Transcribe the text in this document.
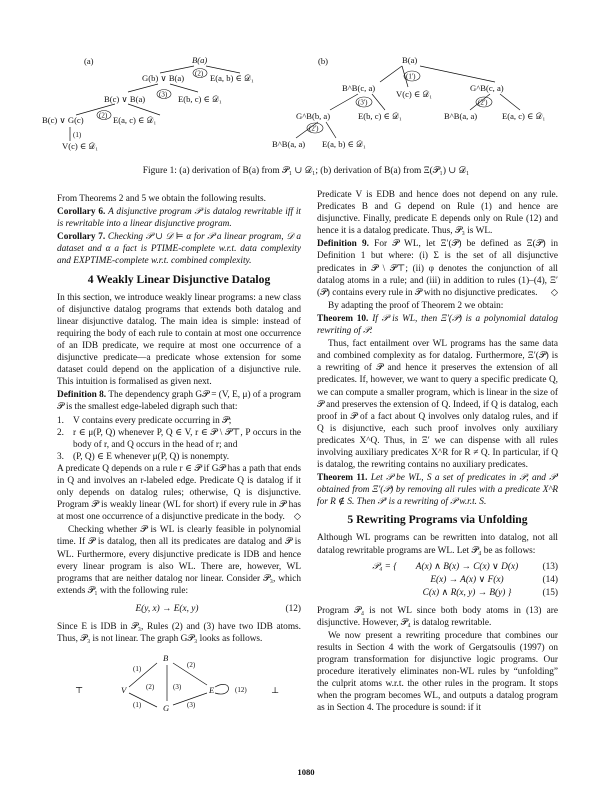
(a)	(b)
B(a)
G(b) ∨ B(a)	E(a, b) ∈ 𝒟₁
(2)
B(c) ∨ B(a)	E(b, c) ∈ 𝒟₁
(3)
B(c) ∨ G(c)	E(a, c) ∈ 𝒟₁
(2)
(1)
V(c) ∈ 𝒟₁
B(a)
(1')
B^B(c, a)
V(c) ∈ 𝒟₁
G^B(c, a)
(3')	(2')
G^B(b, a)	E(b, c) ∈ 𝒟₁	B^B(a, a)	E(a, c) ∈ 𝒟₁
(2')
B^B(a, a) E(a, b) ∈ 𝒟₁
Figure 1: (a) derivation of B(a) from 𝒫₁ ∪ 𝒟₁; (b) derivation of B(a) from Ξ(𝒫₁) ∪ 𝒟₁

From Theorems 2 and 5 we obtain the following results.

Corollary 6. A disjunctive program 𝒫 is datalog rewritable iff it is rewritable into a linear disjunctive program.

Corollary 7. Checking 𝒫 ∪ 𝒟 ⊨ α for 𝒫 a linear program, 𝒟 a dataset and α a fact is PTIME-complete w.r.t. data complexity and EXPTIME-complete w.r.t. combined complexity.

4 Weakly Linear Disjunctive Datalog

In this section, we introduce weakly linear programs: a new class of disjunctive datalog programs that extends both datalog and linear disjunctive datalog. The main idea is simple: instead of requiring the body of each rule to contain at most one occurrence of an IDB predicate, we require at most one occurrence of a disjunctive predicate—a predicate whose extension for some dataset could depend on the application of a disjunctive rule. This intuition is formalised as given next.

Definition 8. The dependency graph G𝒫 = (V, E, μ) of a program 𝒫 is the smallest edge-labeled digraph such that:

1. V contains every predicate occurring in 𝒫;
2. r ∈ μ(P, Q) whenever P, Q ∈ V, r ∈ 𝒫 \ 𝒫⊤, P occurs in the body of r, and Q occurs in the head of r; and
3. (P, Q) ∈ E whenever μ(P, Q) is nonempty.

A predicate Q depends on a rule r ∈ 𝒫 if G𝒫 has a path that ends in Q and involves an r-labeled edge. Predicate Q is datalog if it only depends on datalog rules; otherwise, Q is disjunctive. Program 𝒫 is weakly linear (WL for short) if every rule in 𝒫 has at most one occurrence of a disjunctive predicate in the body. ◇

Checking whether 𝒫 is WL is clearly feasible in polynomial time. If 𝒫 is datalog, then all its predicates are datalog and 𝒫 is WL. Furthermore, every disjunctive predicate is IDB and hence every linear program is also WL. There are, however, WL programs that are neither datalog nor linear. Consider 𝒫₃, which extends 𝒫₁ with the following rule:

E(y, x) → E(x, y)	(12)

Since E is IDB in 𝒫₃, Rules (2) and (3) have two IDB atoms. Thus, 𝒫₃ is not linear. The graph G𝒫₃ looks as follows.

⊤	V
B
G
E	⊥
(1)
(1)
(2)	(3)
(2)
(3)
(12)

Predicate V is EDB and hence does not depend on any rule. Predicates B and G depend on Rule (1) and hence are disjunctive. Finally, predicate E depends only on Rule (12) and hence it is a datalog predicate. Thus, 𝒫₃ is WL.

Definition 9. For 𝒫 WL, let Ξ′(𝒫) be defined as Ξ(𝒫) in Definition 1 but where: (i) Σ is the set of all disjunctive predicates in 𝒫 \ 𝒫⊤; (ii) φ denotes the conjunction of all datalog atoms in a rule; and (iii) in addition to rules (1)–(4), Ξ′(𝒫) contains every rule in 𝒫 with no disjunctive predicates. ◇

By adapting the proof of Theorem 2 we obtain:

Theorem 10. If 𝒫 is WL, then Ξ′(𝒫) is a polynomial datalog rewriting of 𝒫.

Thus, fact entailment over WL programs has the same data and combined complexity as for datalog. Furthermore, Ξ′(𝒫) is a rewriting of 𝒫 and hence it preserves the extension of all predicates. If, however, we want to query a specific predicate Q, we can compute a smaller program, which is linear in the size of 𝒫 and preserves the extension of Q. Indeed, if Q is datalog, each proof in 𝒫 of a fact about Q involves only datalog rules, and if Q is disjunctive, each such proof involves only auxiliary predicates X^Q. Thus, in Ξ′ we can dispense with all rules involving auxiliary predicates X^R for R ≠ Q. In particular, if Q is datalog, the rewriting contains no auxiliary predicates.

Theorem 11. Let 𝒫 be WL, S a set of predicates in 𝒫, and 𝒫′ obtained from Ξ′(𝒫) by removing all rules with a predicate X^R for R ∉ S. Then 𝒫′ is a rewriting of 𝒫 w.r.t. S.

5 Rewriting Programs via Unfolding

Although WL programs can be rewritten into datalog, not all datalog rewritable programs are WL. Let 𝒫₄ be as follows:

𝒫₄ = {	A(x) ∧ B(x) → C(x) ∨ D(x)	(13)
E(x) → A(x) ∨ F(x)	(14)
C(x) ∧ R(x, y) → B(y) }	(15)

Program 𝒫₄ is not WL since both body atoms in (13) are disjunctive. However, 𝒫₄ is datalog rewritable.

We now present a rewriting procedure that combines our results in Section 4 with the work of Gergatsoulis (1997) on program transformation for disjunctive logic programs. Our procedure iteratively eliminates non-WL rules by “unfolding” the culprit atoms w.r.t. the other rules in the program. It stops when the program becomes WL, and outputs a datalog program as in Section 4. The procedure is sound: if it

1080
